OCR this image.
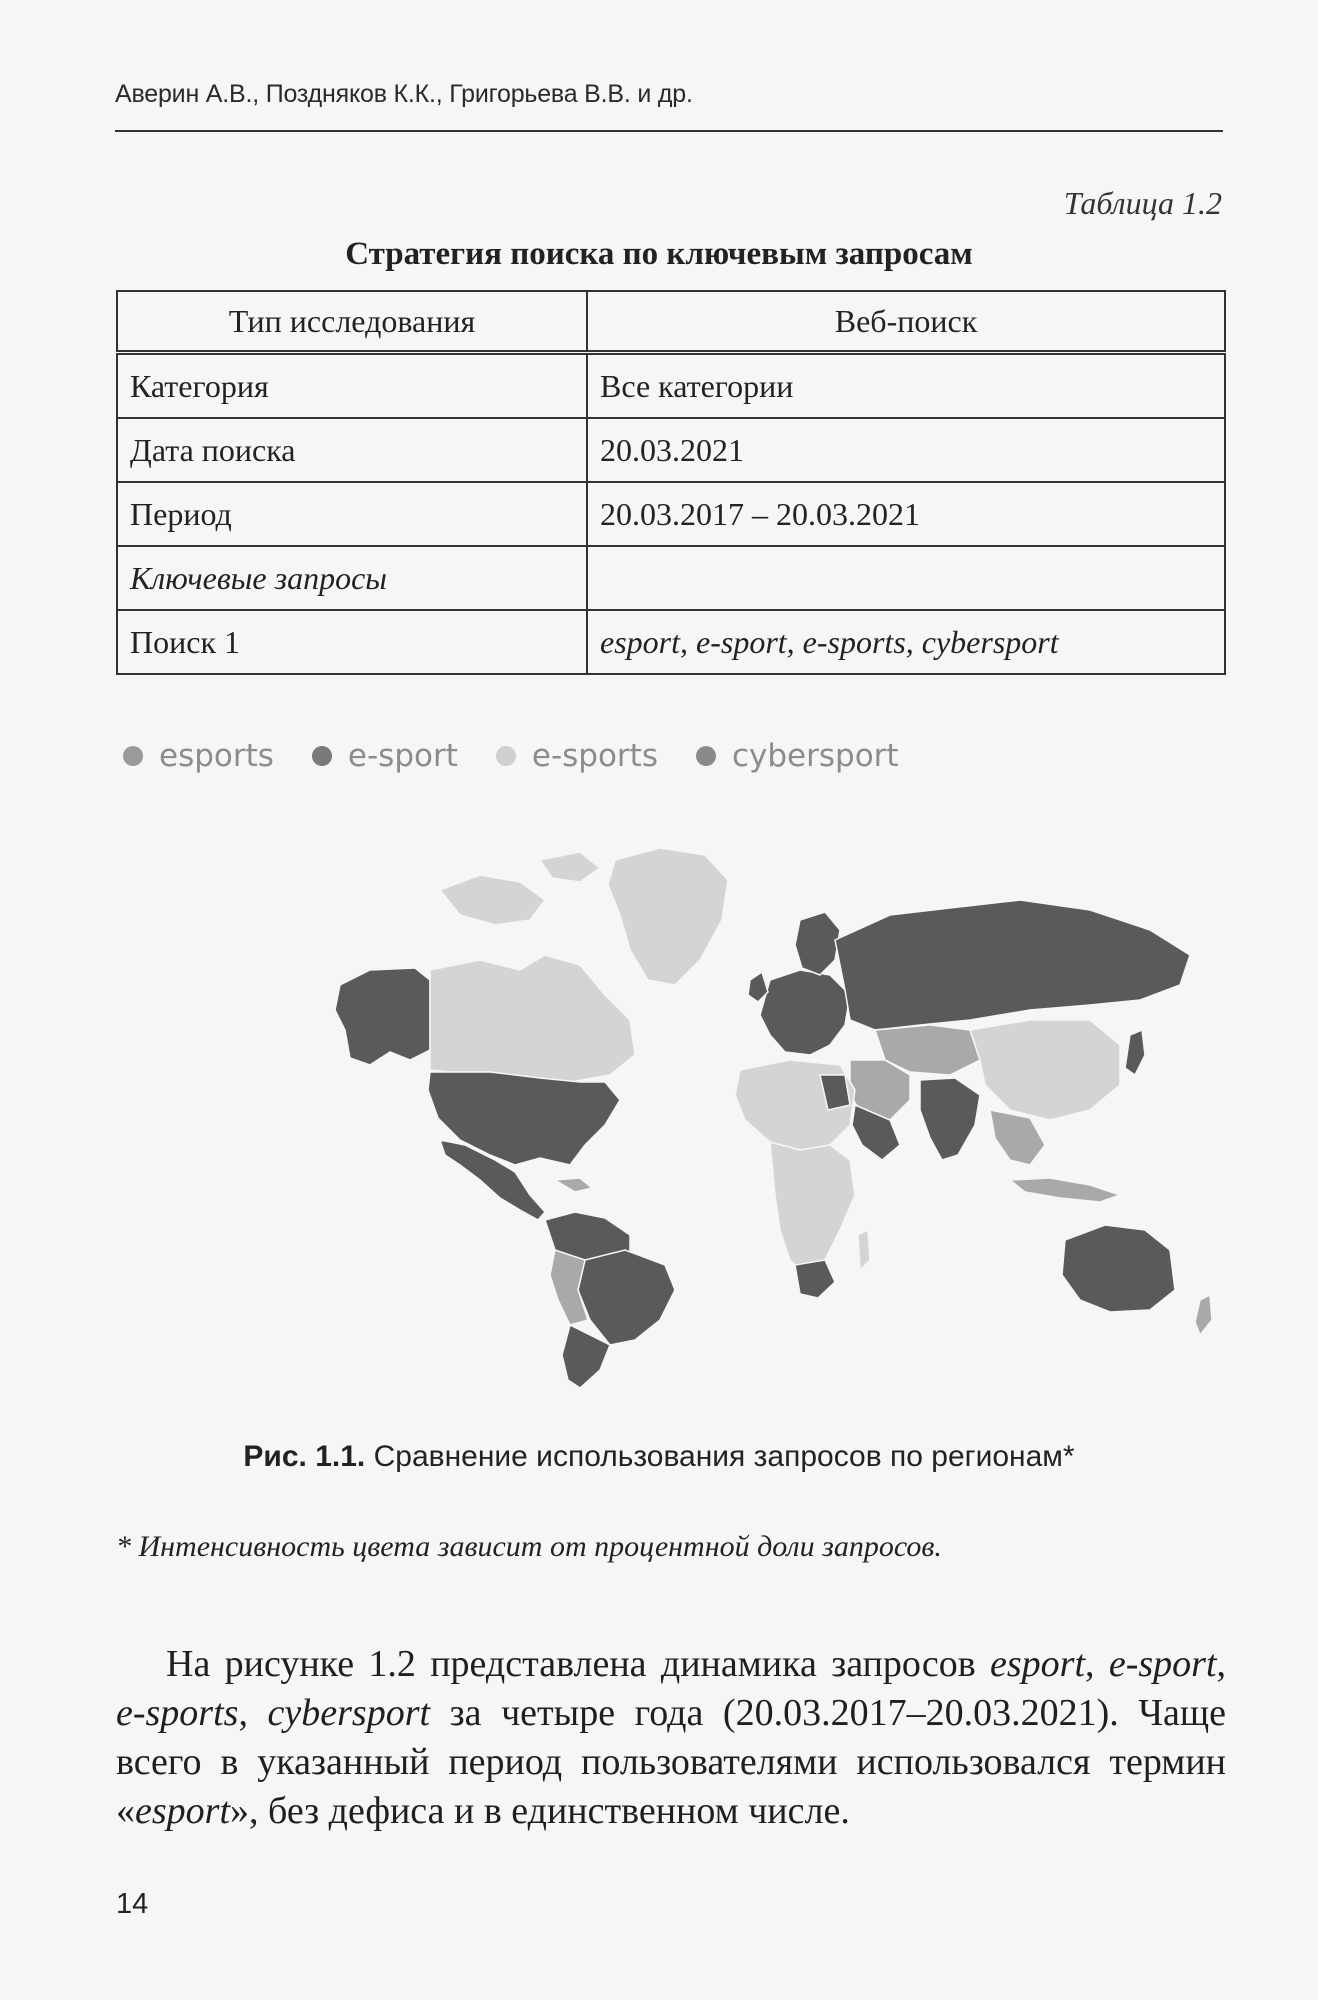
Аверин А.В., Поздняков К.К., Григорьева В.В. и др.
Таблица 1.2
Стратегия поиска по ключевым запросам
Тип исследования	Веб-поиск
Категория	Все категории
Дата поиска	20.03.2021
Период	20.03.2017 – 20.03.2021
Ключевые запросы	
Поиск 1	esport, e-sport, e-sports, cybersport
esports e-sport e-sports cybersport
Рис. 1.1. Сравнение использования запросов по регионам*
* Интенсивность цвета зависит от процентной доли запросов.

На рисунке 1.2 представлена динамика запросов esport, e-sport, e-sports, cybersport за четыре года (20.03.2017–20.03.2021). Чаще всего в указанный период пользователями использовался термин «esport», без дефиса и в единственном числе.

14
